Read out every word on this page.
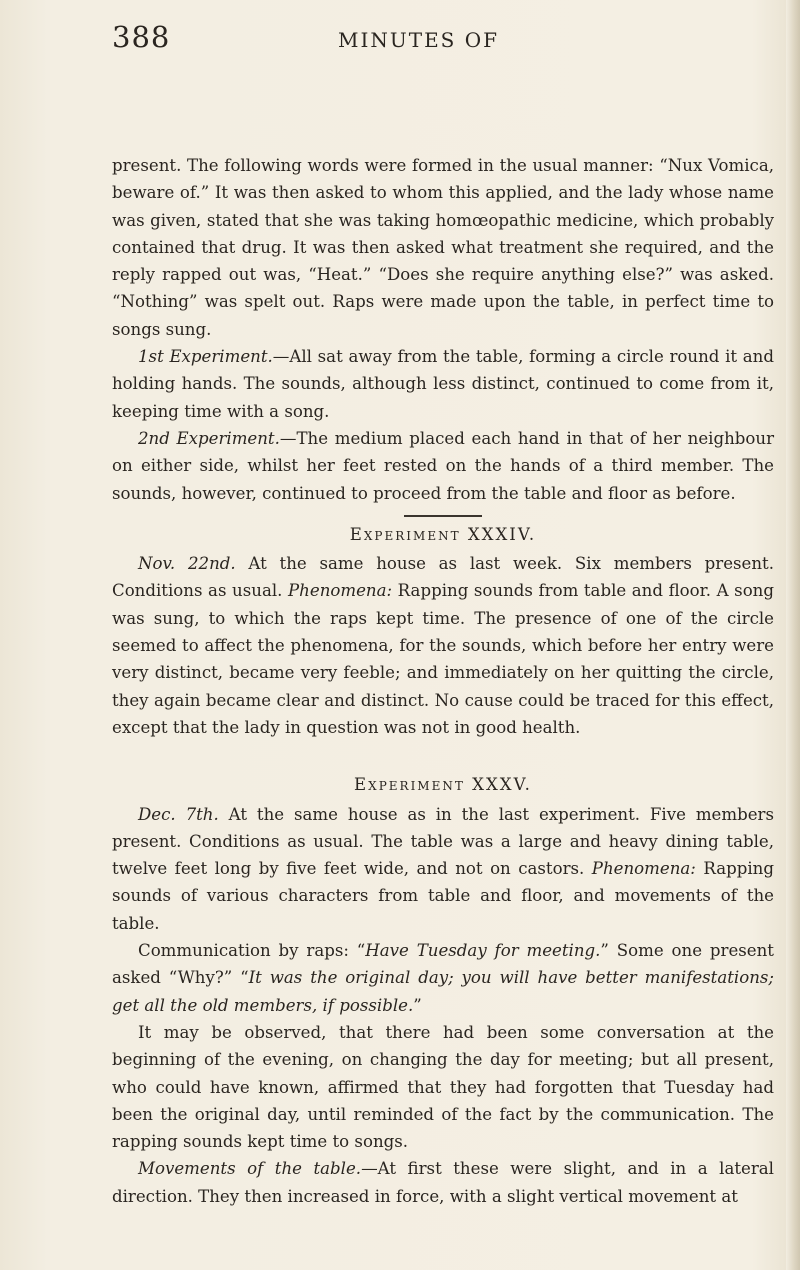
388	MINUTES OF

present. The following words were formed in the usual manner: “Nux Vomica, beware of.” It was then asked to whom this applied, and the lady whose name was given, stated that she was taking homœopathic medicine, which probably contained that drug. It was then asked what treatment she required, and the reply rapped out was, “Heat.” “Does she require anything else?” was asked. “Nothing” was spelt out. Raps were made upon the table, in perfect time to songs sung.

1st Experiment.—All sat away from the table, forming a circle round it and holding hands. The sounds, although less distinct, continued to come from it, keeping time with a song.

2nd Experiment.—The medium placed each hand in that of her neighbour on either side, whilst her feet rested on the hands of a third member. The sounds, however, continued to proceed from the table and floor as before.

Experiment XXXIV.

Nov. 22nd. At the same house as last week. Six members present. Conditions as usual. Phenomena: Rapping sounds from table and floor. A song was sung, to which the raps kept time. The presence of one of the circle seemed to affect the phenomena, for the sounds, which before her entry were very distinct, became very feeble; and immediately on her quitting the circle, they again became clear and distinct. No cause could be traced for this effect, except that the lady in question was not in good health.

Experiment XXXV.

Dec. 7th. At the same house as in the last experiment. Five members present. Conditions as usual. The table was a large and heavy dining table, twelve feet long by five feet wide, and not on castors. Phenomena: Rapping sounds of various characters from table and floor, and movements of the table.

Communication by raps: “Have Tuesday for meeting.” Some one present asked “Why?” “It was the original day; you will have better manifestations; get all the old members, if possible.”

It may be observed, that there had been some conversation at the beginning of the evening, on changing the day for meeting; but all present, who could have known, affirmed that they had forgotten that Tuesday had been the original day, until reminded of the fact by the communication. The rapping sounds kept time to songs.

Movements of the table.—At first these were slight, and in a lateral direction. They then increased in force, with a slight vertical movement at
